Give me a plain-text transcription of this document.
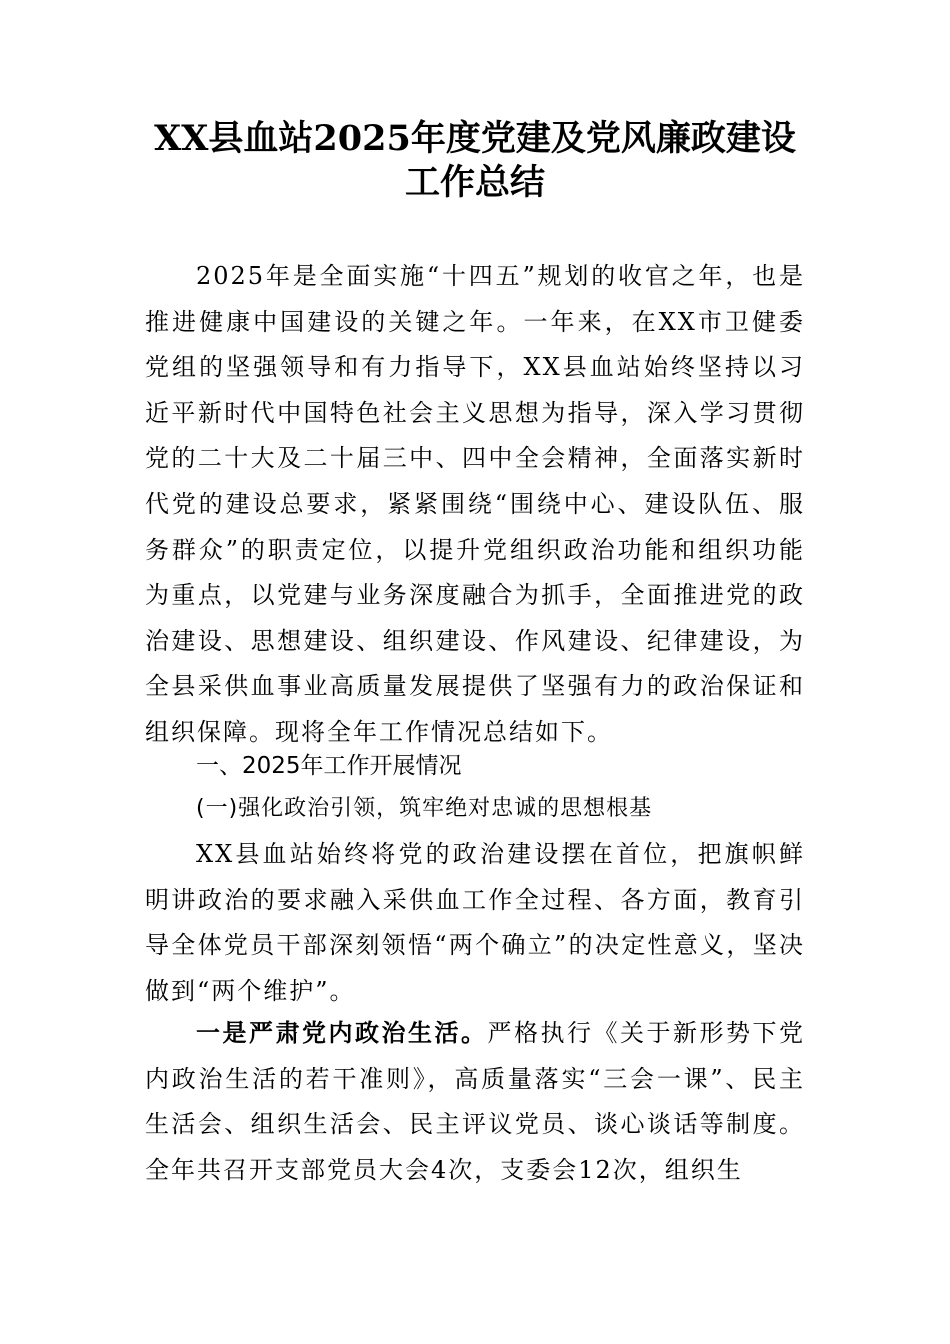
XX县血站2025年度党建及党风廉政建设
工作总结

2025年是全面实施“十四五”规划的收官之年，也是推进健康中国建设的关键之年。一年来，在XX市卫健委党组的坚强领导和有力指导下，XX县血站始终坚持以习近平新时代中国特色社会主义思想为指导，深入学习贯彻党的二十大及二十届三中、四中全会精神，全面落实新时代党的建设总要求，紧紧围绕“围绕中心、建设队伍、服务群众”的职责定位，以提升党组织政治功能和组织功能为重点，以党建与业务深度融合为抓手，全面推进党的政治建设、思想建设、组织建设、作风建设、纪律建设，为全县采供血事业高质量发展提供了坚强有力的政治保证和组织保障。现将全年工作情况总结如下。

一、2025年工作开展情况

(一)强化政治引领，筑牢绝对忠诚的思想根基

XX县血站始终将党的政治建设摆在首位，把旗帜鲜明讲政治的要求融入采供血工作全过程、各方面，教育引导全体党员干部深刻领悟“两个确立”的决定性意义，坚决做到“两个维护”。

一是严肃党内政治生活。严格执行《关于新形势下党内政治生活的若干准则》，高质量落实“三会一课”、民主生活会、组织生活会、民主评议党员、谈心谈话等制度。全年共召开支部党员大会4次，支委会12次，组织生
